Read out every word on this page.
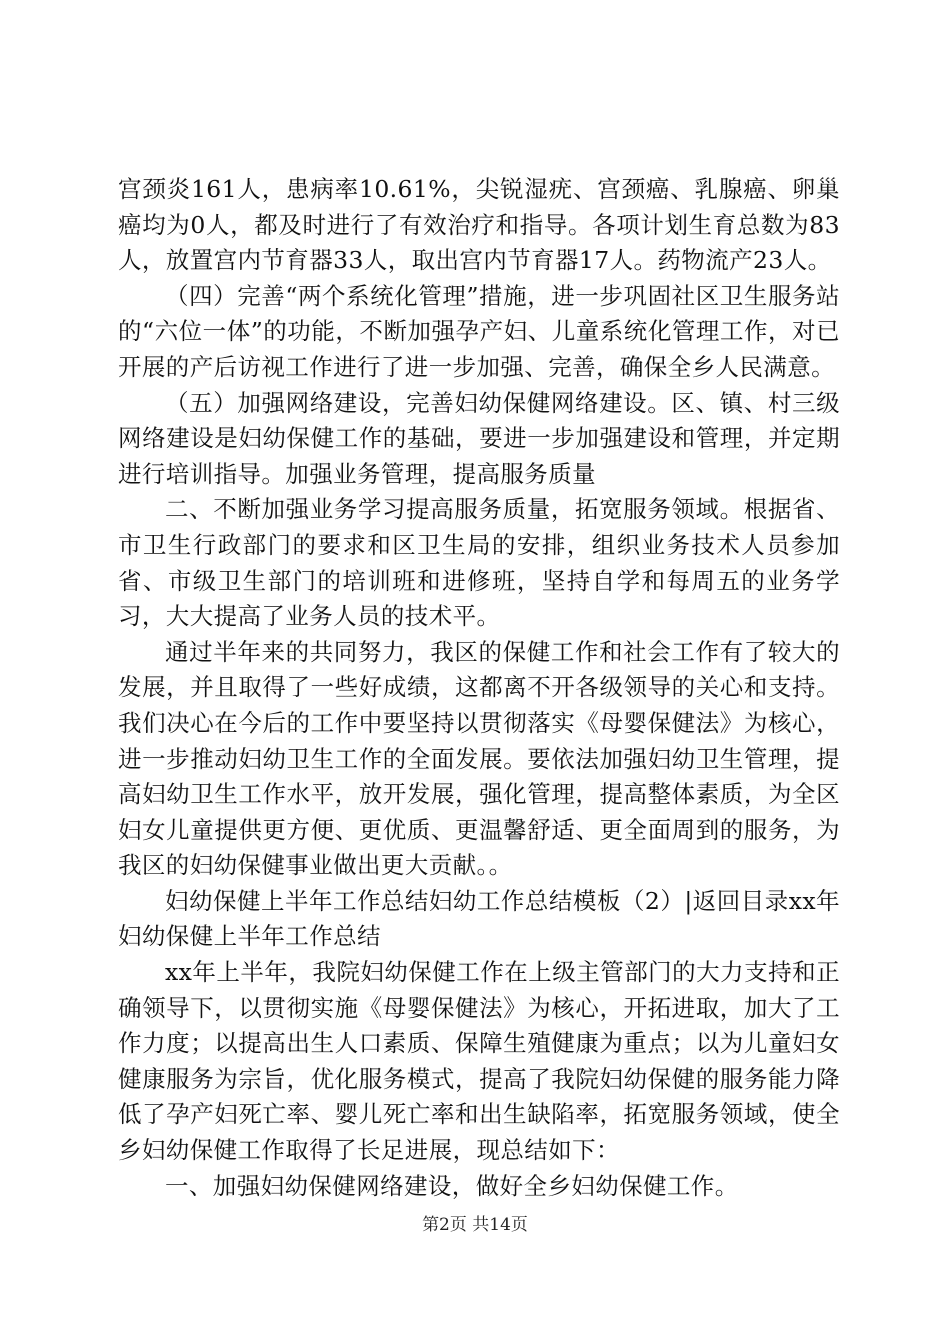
宫颈炎161人，患病率10.61%，尖锐湿疣、宫颈癌、乳腺癌、卵巢癌均为0人，都及时进行了有效治疗和指导。各项计划生育总数为83人，放置宫内节育器33人，取出宫内节育器17人。药物流产23人。

（四）完善“两个系统化管理”措施，进一步巩固社区卫生服务站的“六位一体”的功能，不断加强孕产妇、儿童系统化管理工作，对已开展的产后访视工作进行了进一步加强、完善，确保全乡人民满意。

（五）加强网络建设，完善妇幼保健网络建设。区、镇、村三级网络建设是妇幼保健工作的基础，要进一步加强建设和管理，并定期进行培训指导。加强业务管理，提高服务质量

二、不断加强业务学习提高服务质量，拓宽服务领域。根据省、市卫生行政部门的要求和区卫生局的安排，组织业务技术人员参加省、市级卫生部门的培训班和进修班，坚持自学和每周五的业务学习，大大提高了业务人员的技术平。

通过半年来的共同努力，我区的保健工作和社会工作有了较大的发展，并且取得了一些好成绩，这都离不开各级领导的关心和支持。我们决心在今后的工作中要坚持以贯彻落实《母婴保健法》为核心，进一步推动妇幼卫生工作的全面发展。要依法加强妇幼卫生管理，提高妇幼卫生工作水平，放开发展，强化管理，提高整体素质，为全区妇女儿童提供更方便、更优质、更温馨舒适、更全面周到的服务，为我区的妇幼保健事业做出更大贡献。。

妇幼保健上半年工作总结妇幼工作总结模板（2）|返回目录xx年妇幼保健上半年工作总结

xx年上半年，我院妇幼保健工作在上级主管部门的大力支持和正确领导下，以贯彻实施《母婴保健法》为核心，开拓进取，加大了工作力度；以提高出生人口素质、保障生殖健康为重点；以为儿童妇女健康服务为宗旨，优化服务模式，提高了我院妇幼保健的服务能力降低了孕产妇死亡率、婴儿死亡率和出生缺陷率，拓宽服务领域，使全乡妇幼保健工作取得了长足进展，现总结如下：

一、加强妇幼保健网络建设，做好全乡妇幼保健工作。

第2页 共14页
